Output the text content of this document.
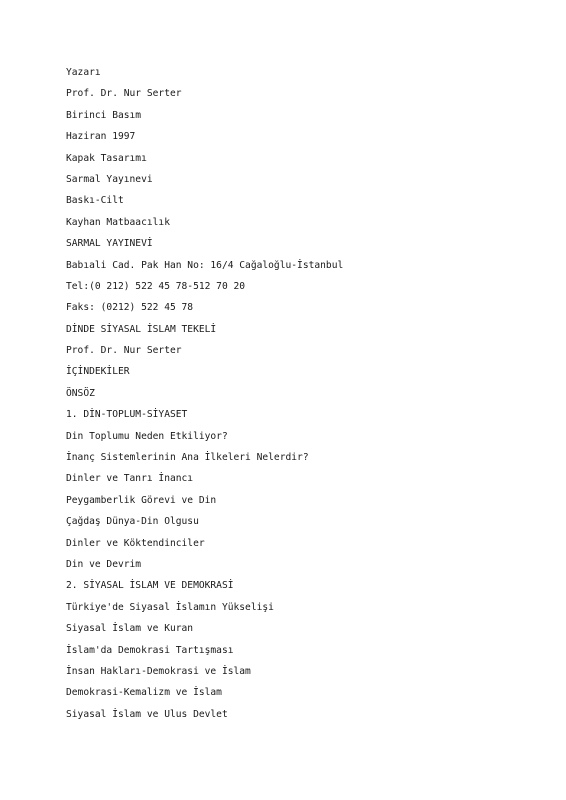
Yazarı
Prof. Dr. Nur Serter
Birinci Basım
Haziran 1997
Kapak Tasarımı
Sarmal Yayınevi
Baskı-Cilt
Kayhan Matbaacılık
SARMAL YAYINEVİ
Babıali Cad. Pak Han No: 16/4 Cağaloğlu-İstanbul
Tel:(0 212) 522 45 78-512 70 20
Faks: (0212) 522 45 78
DİNDE SİYASAL İSLAM TEKELİ
Prof. Dr. Nur Serter
İÇİNDEKİLER
ÖNSÖZ
1. DİN-TOPLUM-SİYASET
Din Toplumu Neden Etkiliyor?
İnanç Sistemlerinin Ana İlkeleri Nelerdir?
Dinler ve Tanrı İnancı
Peygamberlik Görevi ve Din
Çağdaş Dünya-Din Olgusu
Dinler ve Köktendinciler
Din ve Devrim
2. SİYASAL İSLAM VE DEMOKRASİ
Türkiye'de Siyasal İslamın Yükselişi
Siyasal İslam ve Kuran
İslam'da Demokrasi Tartışması
İnsan Hakları-Demokrasi ve İslam
Demokrasi-Kemalizm ve İslam
Siyasal İslam ve Ulus Devlet
